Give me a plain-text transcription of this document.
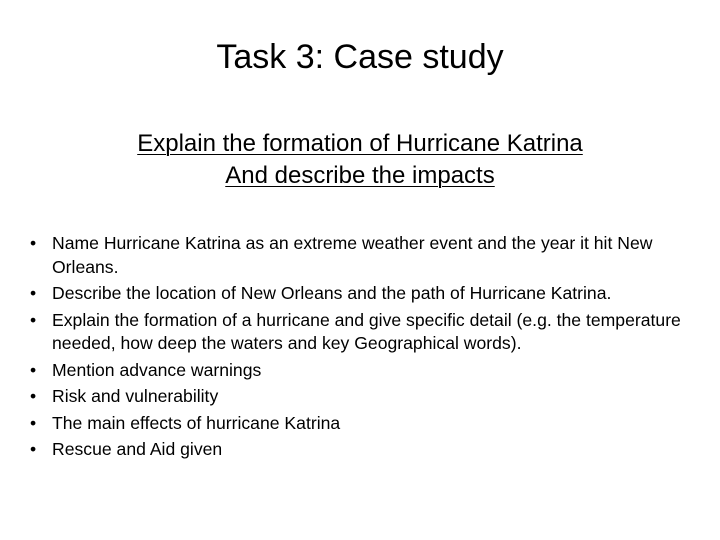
Task 3: Case study
Explain the formation of Hurricane Katrina
And describe the impacts
• Name Hurricane Katrina as an extreme weather event and the year it hit New Orleans.
• Describe the location of New Orleans and the path of Hurricane Katrina.
• Explain the formation of a hurricane and give specific detail (e.g. the temperature needed, how deep the waters and key Geographical words).
• Mention advance warnings
• Risk and vulnerability
• The main effects of hurricane Katrina
• Rescue and Aid given
